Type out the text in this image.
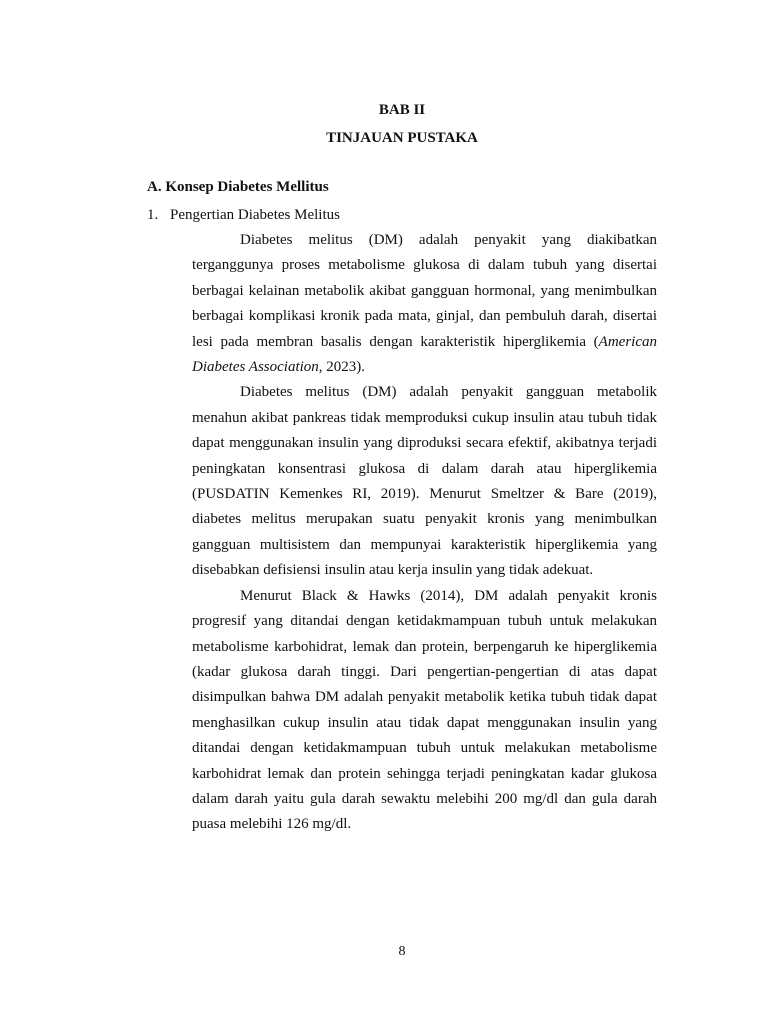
BAB II
TINJAUAN PUSTAKA
A. Konsep Diabetes Mellitus
1. Pengertian Diabetes Melitus

Diabetes melitus (DM) adalah penyakit yang diakibatkan terganggunya proses metabolisme glukosa di dalam tubuh yang disertai berbagai kelainan metabolik akibat gangguan hormonal, yang menimbulkan berbagai komplikasi kronik pada mata, ginjal, dan pembuluh darah, disertai lesi pada membran basalis dengan karakteristik hiperglikemia (American Diabetes Association, 2023).

Diabetes melitus (DM) adalah penyakit gangguan metabolik menahun akibat pankreas tidak memproduksi cukup insulin atau tubuh tidak dapat menggunakan insulin yang diproduksi secara efektif, akibatnya terjadi peningkatan konsentrasi glukosa di dalam darah atau hiperglikemia (PUSDATIN Kemenkes RI, 2019). Menurut Smeltzer & Bare (2019), diabetes melitus merupakan suatu penyakit kronis yang menimbulkan gangguan multisistem dan mempunyai karakteristik hiperglikemia yang disebabkan defisiensi insulin atau kerja insulin yang tidak adekuat.

Menurut Black & Hawks (2014), DM adalah penyakit kronis progresif yang ditandai dengan ketidakmampuan tubuh untuk melakukan metabolisme karbohidrat, lemak dan protein, berpengaruh ke hiperglikemia (kadar glukosa darah tinggi. Dari pengertian-pengertian di atas dapat disimpulkan bahwa DM adalah penyakit metabolik ketika tubuh tidak dapat menghasilkan cukup insulin atau tidak dapat menggunakan insulin yang ditandai dengan ketidakmampuan tubuh untuk melakukan metabolisme karbohidrat lemak dan protein sehingga terjadi peningkatan kadar glukosa dalam darah yaitu gula darah sewaktu melebihi 200 mg/dl dan gula darah puasa melebihi 126 mg/dl.

8
